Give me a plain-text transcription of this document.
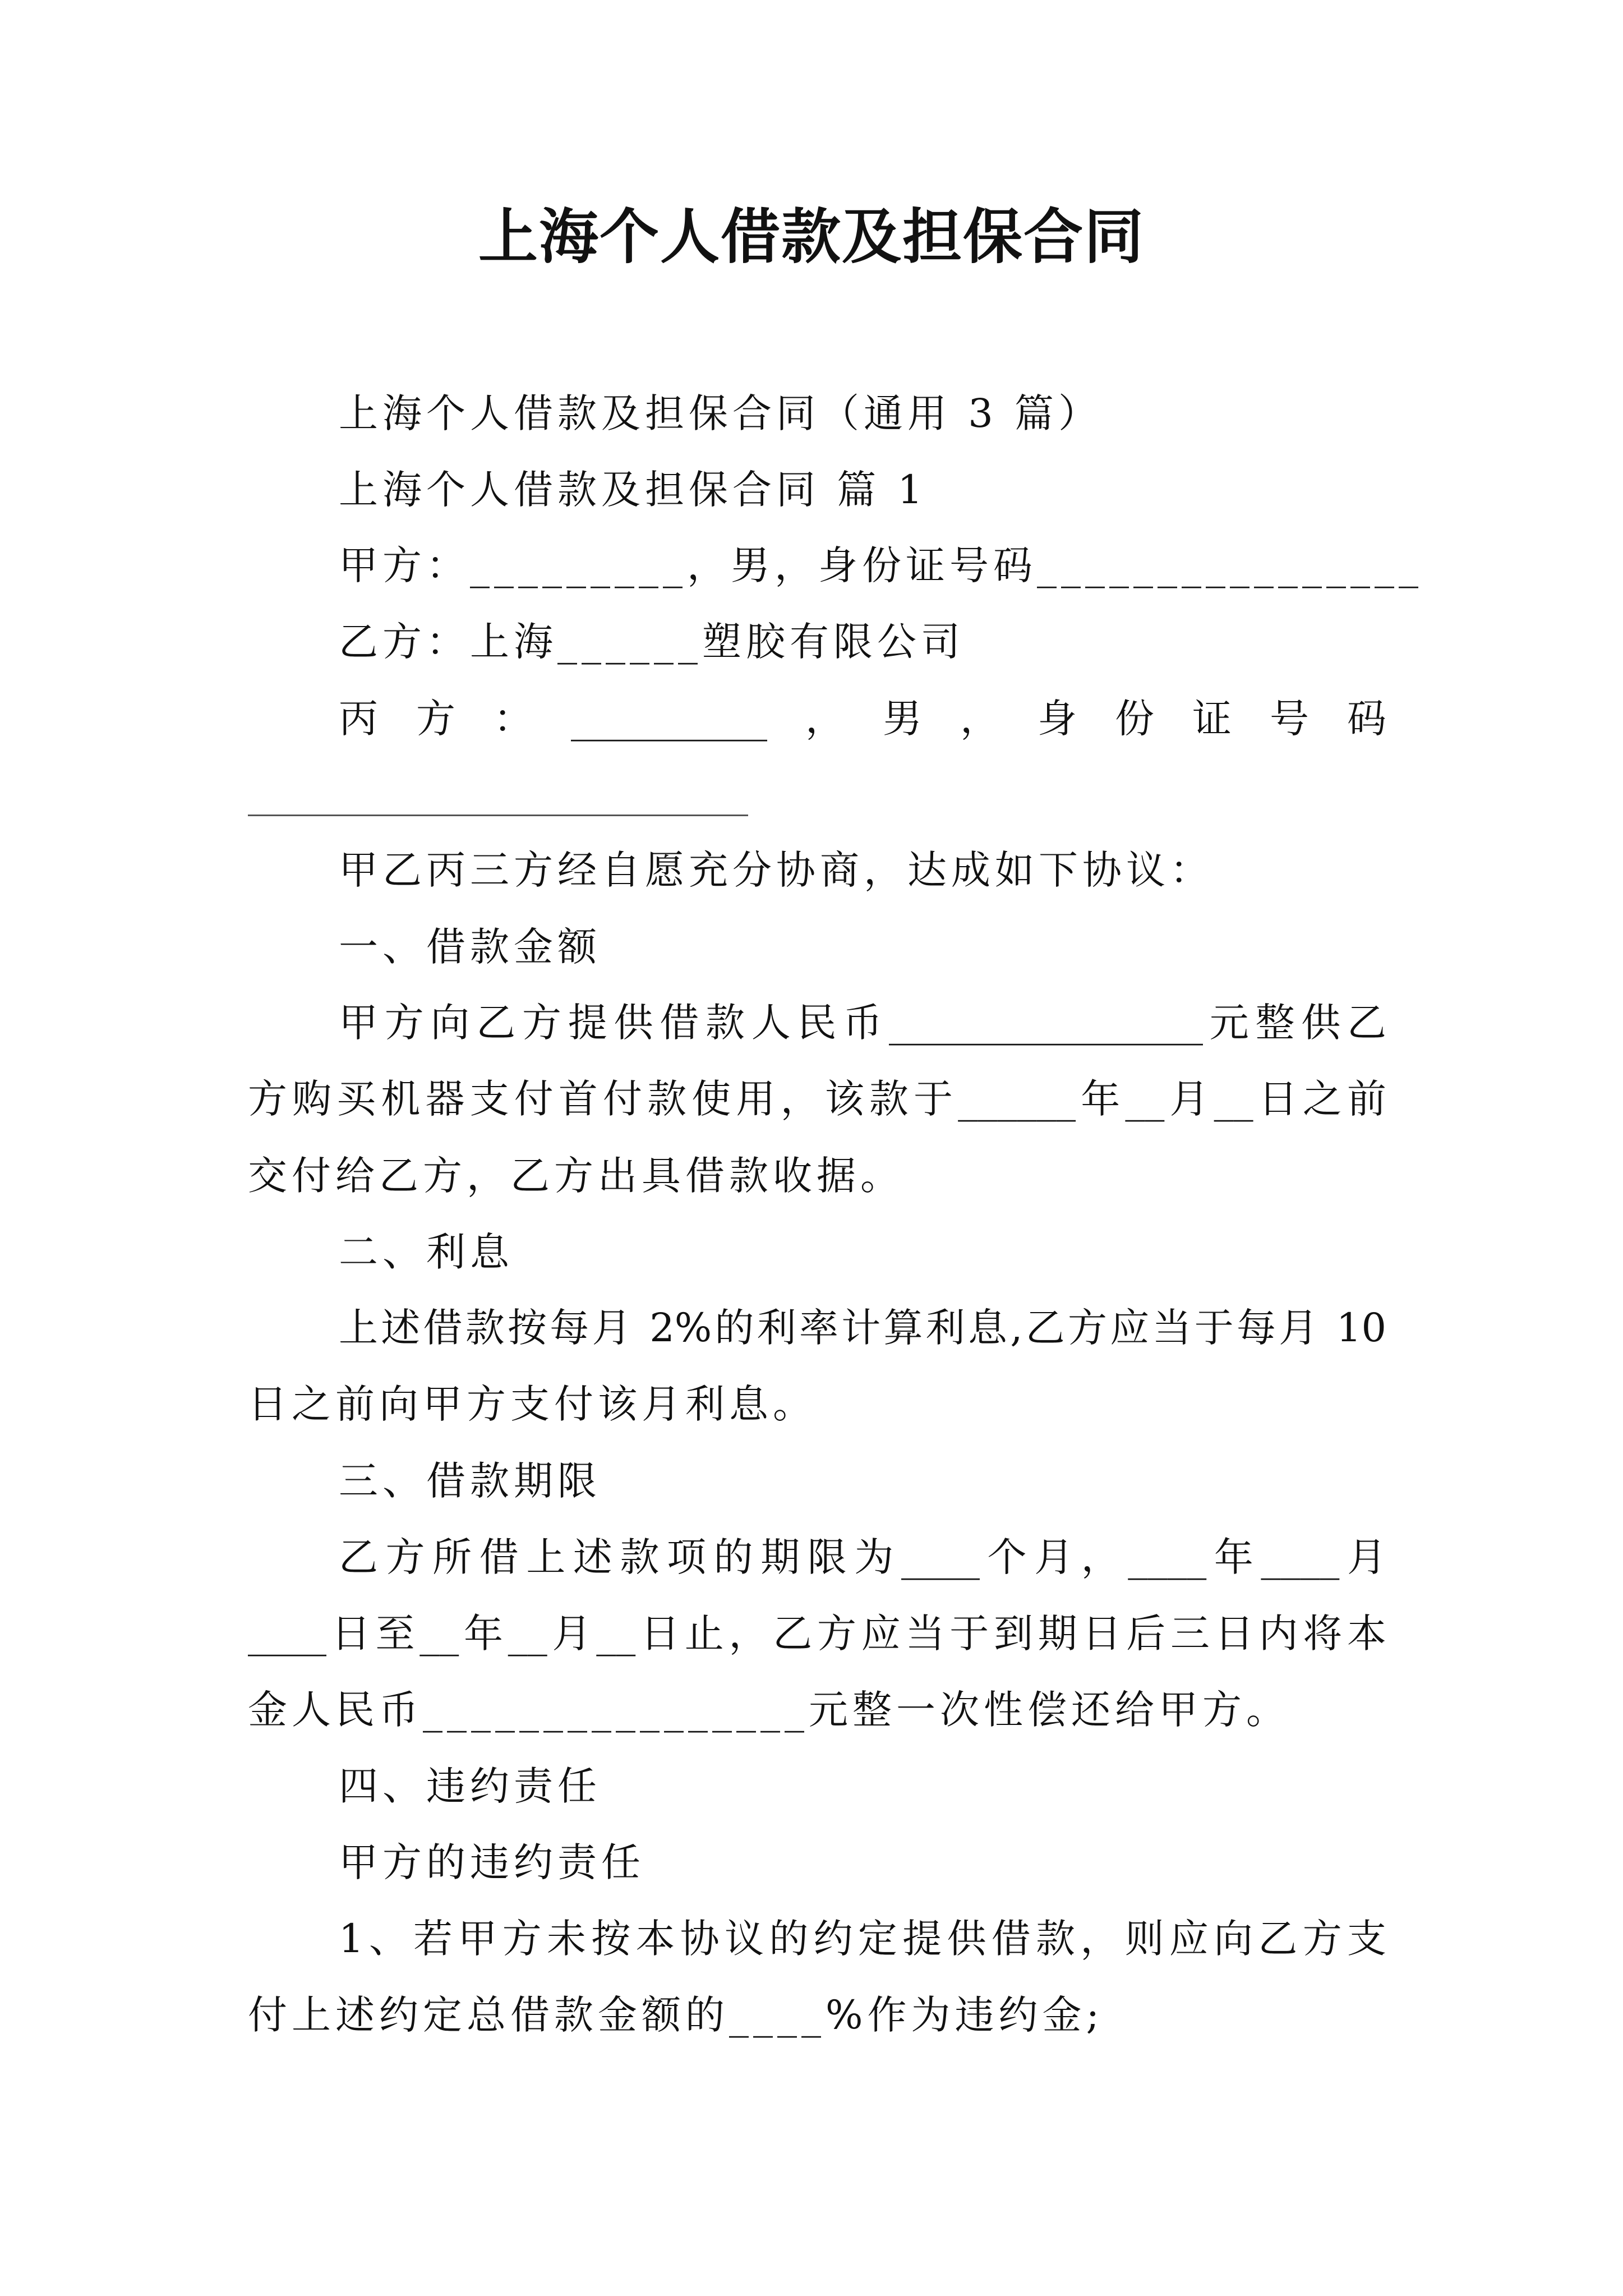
上海个人借款及担保合同
上海个人借款及担保合同（通用 3 篇）
上海个人借款及担保合同 篇 1
甲方：_________，男，身份证号码________________
乙方：上海______塑胶有限公司
丙方：__________，男，身份证号码
甲乙丙三方经自愿充分协商，达成如下协议：
一、借款金额
甲方向乙方提供借款人民币________________元整供乙
方购买机器支付首付款使用，该款于______年__月__日之前
交付给乙方，乙方出具借款收据。
二、利息
上述借款按每月 2%的利率计算利息,乙方应当于每月 10
日之前向甲方支付该月利息。
三、借款期限
乙方所借上述款项的期限为____个月，____年____月
____日至__年__月__日止，乙方应当于到期日后三日内将本
金人民币________________元整一次性偿还给甲方。
四、违约责任
甲方的违约责任
1、若甲方未按本协议的约定提供借款，则应向乙方支
付上述约定总借款金额的____%作为违约金;
